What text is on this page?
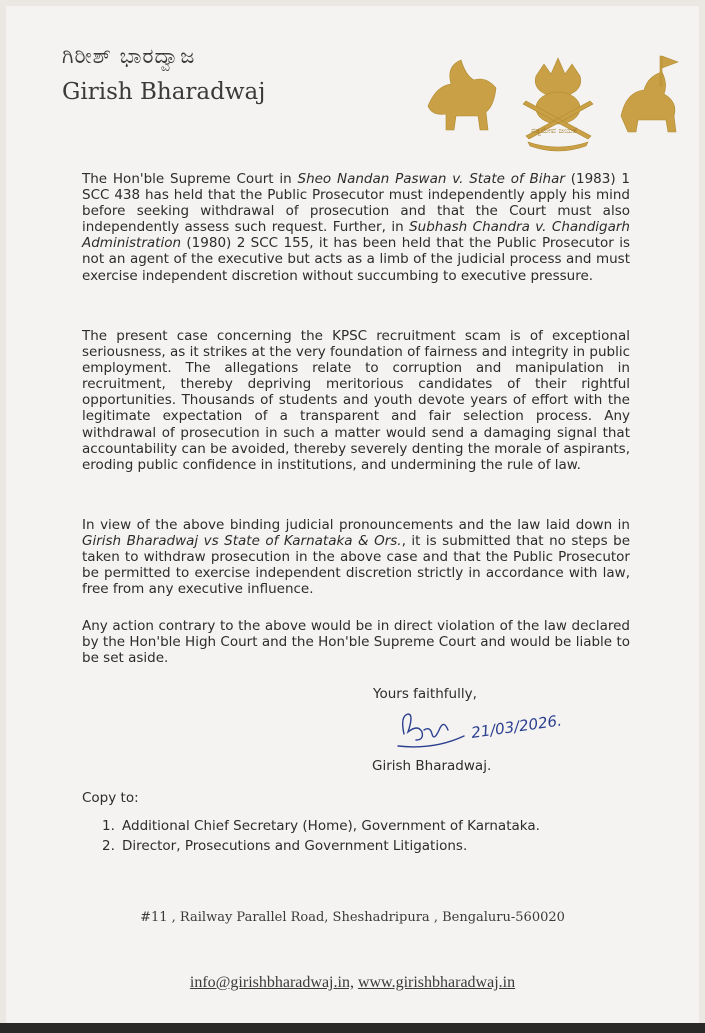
ಗಿರೀಶ್ ಭಾರದ್ವಾಜ
Girish Bharadwaj
ಸತ್ಯಮೇವ ಜಯತೆ

The Hon'ble Supreme Court in Sheo Nandan Paswan v. State of Bihar (1983) 1 SCC 438 has held that the Public Prosecutor must independently apply his mind before seeking withdrawal of prosecution and that the Court must also independently assess such request. Further, in Subhash Chandra v. Chandigarh Administration (1980) 2 SCC 155, it has been held that the Public Prosecutor is not an agent of the executive but acts as a limb of the judicial process and must exercise independent discretion without succumbing to executive pressure.

The present case concerning the KPSC recruitment scam is of exceptional seriousness, as it strikes at the very foundation of fairness and integrity in public employment. The allegations relate to corruption and manipulation in recruitment, thereby depriving meritorious candidates of their rightful opportunities. Thousands of students and youth devote years of effort with the legitimate expectation of a transparent and fair selection process. Any withdrawal of prosecution in such a matter would send a damaging signal that accountability can be avoided, thereby severely denting the morale of aspirants, eroding public confidence in institutions, and undermining the rule of law.

In view of the above binding judicial pronouncements and the law laid down in Girish Bharadwaj vs State of Karnataka & Ors., it is submitted that no steps be taken to withdraw prosecution in the above case and that the Public Prosecutor be permitted to exercise independent discretion strictly in accordance with law, free from any executive influence.

Any action contrary to the above would be in direct violation of the law declared by the Hon'ble High Court and the Hon'ble Supreme Court and would be liable to be set aside.

Yours faithfully,
21/03/2026.
Girish Bharadwaj.
Copy to:
1. Additional Chief Secretary (Home), Government of Karnataka.
2. Director, Prosecutions and Government Litigations.
#11 , Railway Parallel Road, Sheshadripura , Bengaluru-560020
info@girishbharadwaj.in, www.girishbharadwaj.in
